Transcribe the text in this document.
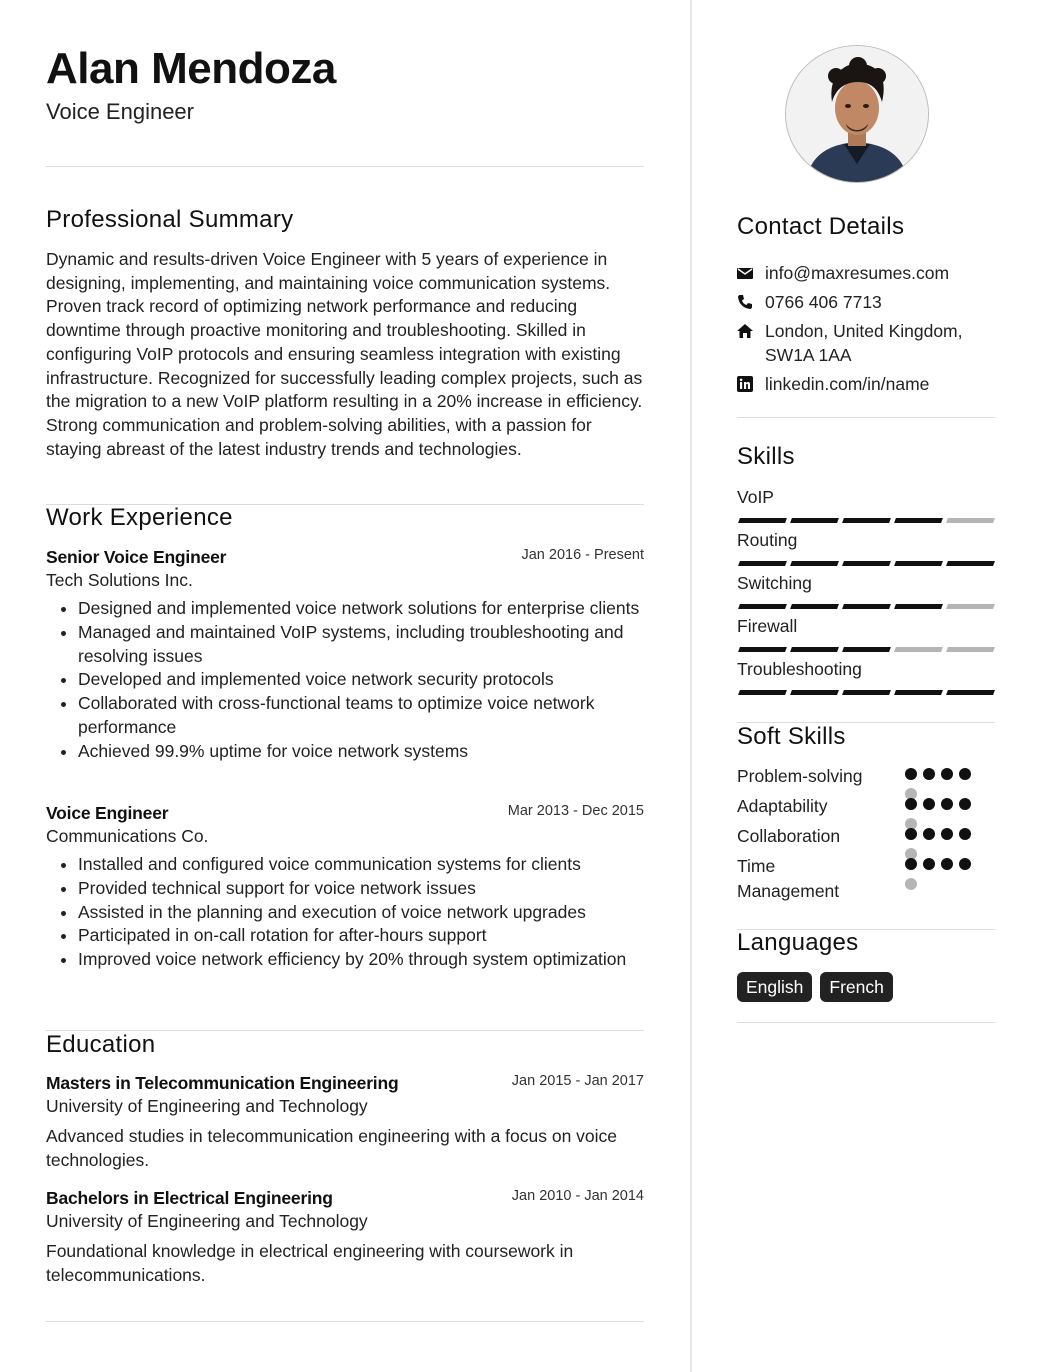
Alan Mendoza
Voice Engineer
Professional Summary
Dynamic and results-driven Voice Engineer with 5 years of experience in designing, implementing, and maintaining voice communication systems. Proven track record of optimizing network performance and reducing downtime through proactive monitoring and troubleshooting. Skilled in configuring VoIP protocols and ensuring seamless integration with existing infrastructure. Recognized for successfully leading complex projects, such as the migration to a new VoIP platform resulting in a 20% increase in efficiency. Strong communication and problem-solving abilities, with a passion for staying abreast of the latest industry trends and technologies.
Work Experience
Senior Voice Engineer	Jan 2016 - Present
Tech Solutions Inc.
• Designed and implemented voice network solutions for enterprise clients
• Managed and maintained VoIP systems, including troubleshooting and resolving issues
• Developed and implemented voice network security protocols
• Collaborated with cross-functional teams to optimize voice network performance
• Achieved 99.9% uptime for voice network systems
Voice Engineer	Mar 2013 - Dec 2015
Communications Co.
• Installed and configured voice communication systems for clients
• Provided technical support for voice network issues
• Assisted in the planning and execution of voice network upgrades
• Participated in on-call rotation for after-hours support
• Improved voice network efficiency by 20% through system optimization
Education
Masters in Telecommunication Engineering	Jan 2015 - Jan 2017
University of Engineering and Technology
Advanced studies in telecommunication engineering with a focus on voice technologies.
Bachelors in Electrical Engineering	Jan 2010 - Jan 2014
University of Engineering and Technology
Foundational knowledge in electrical engineering with coursework in telecommunications.
Contact Details
info@maxresumes.com
0766 406 7713
London, United Kingdom,
SW1A 1AA
linkedin.com/in/name
Skills
VoIP
Routing
Switching
Firewall
Troubleshooting
Soft Skills
Problem-solving
Adaptability
Collaboration
Time
Management
Languages
English	French
